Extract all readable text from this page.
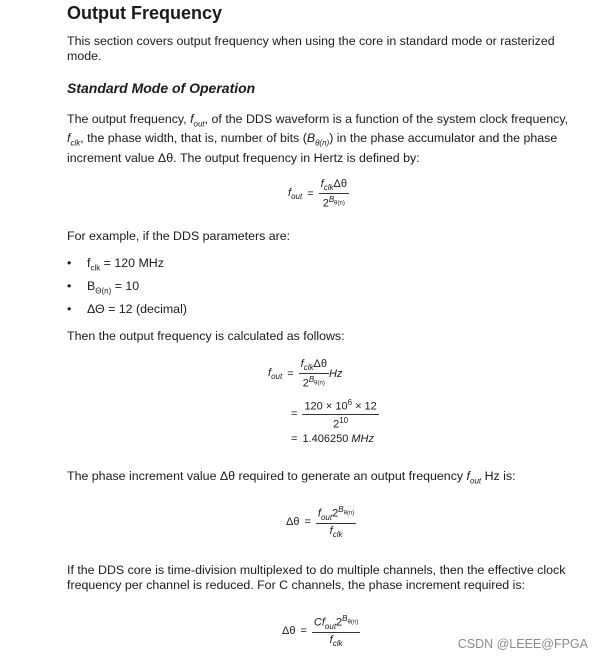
Output Frequency
This section covers output frequency when using the core in standard mode or rasterized mode.
Standard Mode of Operation
The output frequency, $f_{out}$, of the DDS waveform is a function of the system clock frequency, $f_{clk}$, the phase width, that is, number of bits $(B_{\theta(n)})$ in the phase accumulator and the phase increment value Δθ. The output frequency in Hertz is defined by:
$f_{out} = \frac{f_{clk}\Delta\theta}{2^{B_{\theta(n)}}}$
For example, if the DDS parameters are:
• $f_{clk} = 120$ MHz
• $B_{\Theta(n)} = 10$
• ΔΘ = 12 (decimal)
Then the output frequency is calculated as follows:
$f_{out} = \frac{f_{clk}\Delta\theta}{2^{B_{\theta(n)}}}$ Hz
= $\frac{120 \times 10^6 \times 12}{2^{10}}$
= 1.406250 MHz
The phase increment value Δθ required to generate an output frequency $f_{out}$ Hz is:
$\Delta\theta = \frac{f_{out}2^{B_{\theta(n)}}}{f_{clk}}$
If the DDS core is time-division multiplexed to do multiple channels, then the effective clock frequency per channel is reduced. For C channels, the phase increment required is:
$\Delta\theta = \frac{Cf_{out}2^{B_{\theta(n)}}}{f_{clk}}$	CSDN @LEEE@FPGA
